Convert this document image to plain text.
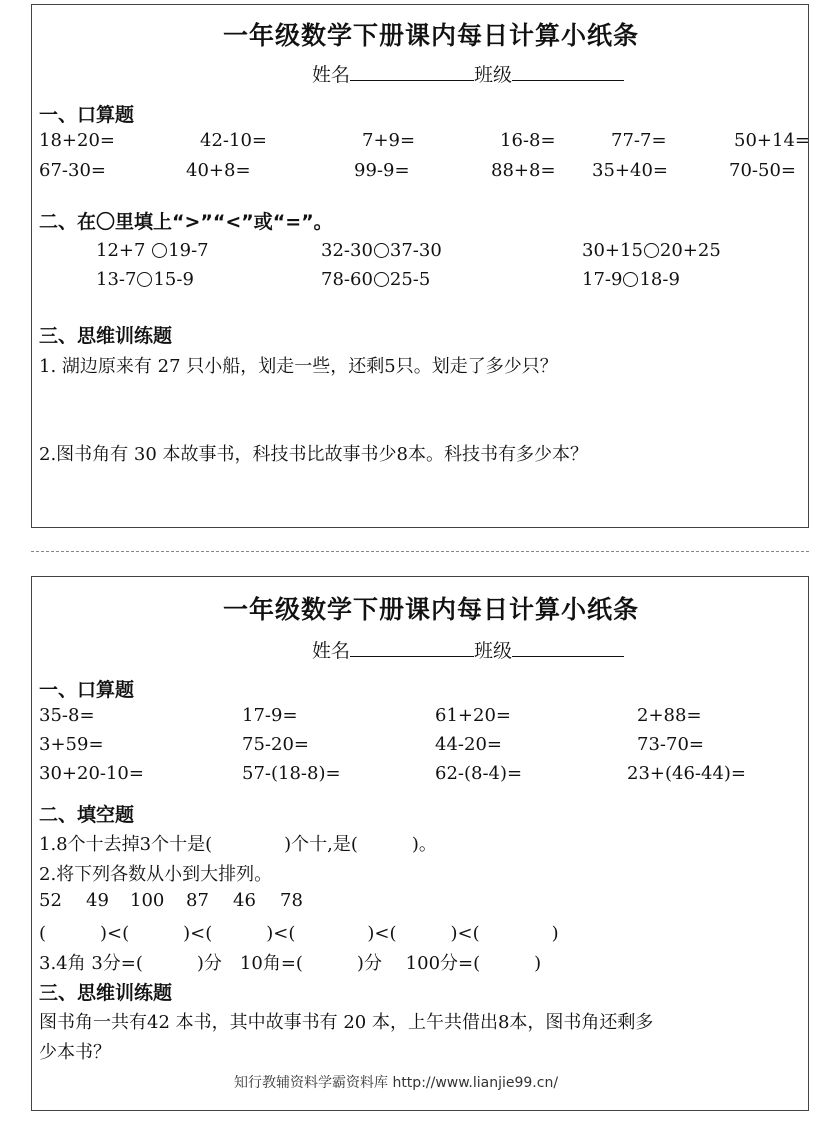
一年级数学下册课内每日计算小纸条
姓名	班级
一、口算题
18+20=	42-10=	7+9=	16-8=	77-7=	50+14=
67-30=	40+8=	99-9=	88+8= 35+40=	70-50=
二、在〇里填上“>”“<”或“=”。
12+7 19-7	32-30 37-30	30+15 20+25
13-7 15-9	78-60 25-5	17-9 18-9
三、思维训练题
1. 湖边原来有 27 只小船，划走一些，还剩5只。划走了多少只？
2.图书角有 30 本故事书，科技书比故事书少8本。科技书有多少本？
一年级数学下册课内每日计算小纸条
姓名	班级
一、口算题
35-8=	17-9=	61+20=	2+88=
3+59=	75-20=	44-20=	73-70=
30+20-10=	57-(18-8)=	62-(8-4)=	23+(46-44)=
二、填空题
1.8个十去掉3个十是(　　　　)个十,是(　　　)。
2.将下列各数从小到大排列。
52 49 100 87 46 78
(　　　)<(　　　)<(　　　)<(　　　　)<(　　　)<(　　　　)
3.4角 3分=(　　　)分　10角=(　　　)分　 100分=(　　　)
三、思维训练题
图书角一共有42 本书，其中故事书有 20 本，上午共借出8本，图书角还剩多
少本书？
知行教辅资料学霸资料库 http://www.lianjie99.cn/
